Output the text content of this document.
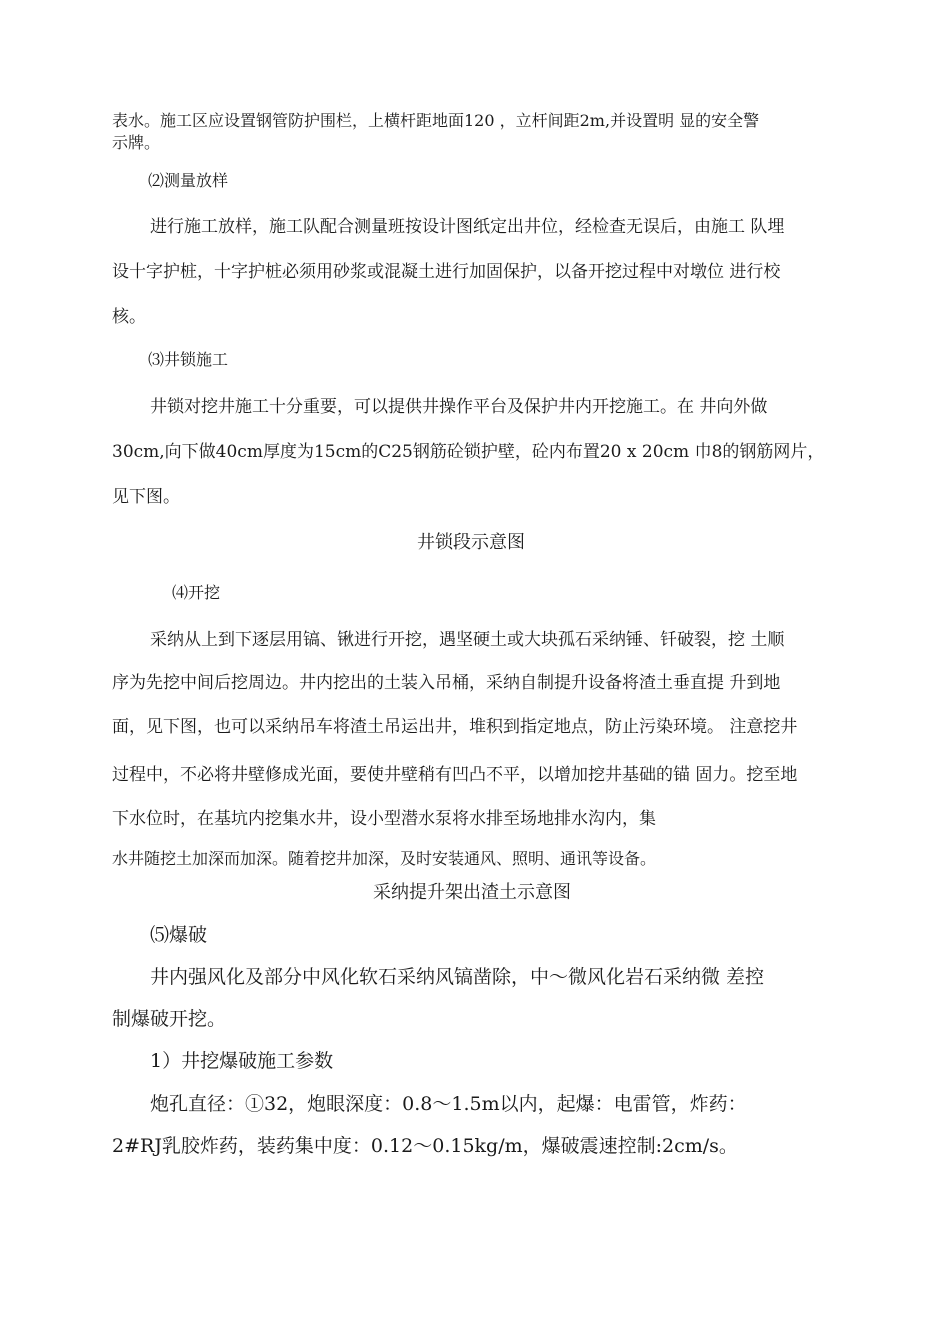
表水。施工区应设置钢管防护围栏，上横杆距地面120 ，立杆间距2m,并设置明 显的安全警
示牌。
⑵测量放样
进行施工放样，施工队配合测量班按设计图纸定出井位，经检查无误后，由施工 队埋
设十字护桩，十字护桩必须用砂浆或混凝土进行加固保护，以备开挖过程中对墩位 进行校
核。
⑶井锁施工
井锁对挖井施工十分重要，可以提供井操作平台及保护井内开挖施工。在 井向外做
30cm,向下做40cm厚度为15cm的C25钢筋砼锁护壁，砼内布置20 x 20cm 巾8的钢筋网片，
见下图。
井锁段示意图
⑷开挖
采纳从上到下逐层用镐、锹进行开挖，遇坚硬土或大块孤石采纳锤、钎破裂，挖 土顺
序为先挖中间后挖周边。井内挖出的土装入吊桶，采纳自制提升设备将渣土垂直提 升到地
面，见下图，也可以采纳吊车将渣土吊运出井，堆积到指定地点，防止污染环境。 注意挖井
过程中，不必将井壁修成光面，要使井壁稍有凹凸不平，以增加挖井基础的锚 固力。挖至地
下水位时，在基坑内挖集水井，设小型潜水泵将水排至场地排水沟内，集
水井随挖土加深而加深。随着挖井加深，及时安装通风、照明、通讯等设备。
采纳提升架出渣土示意图
⑸爆破
井内强风化及部分中风化软石采纳风镐凿除，中〜微风化岩石采纳微 差控
制爆破开挖。
1）井挖爆破施工参数
炮孔直径：①32，炮眼深度：0.8〜1.5m以内，起爆：电雷管，炸药：
2#RJ乳胶炸药，装药集中度：0.12〜0.15kg/m，爆破震速控制:2cm/s。
